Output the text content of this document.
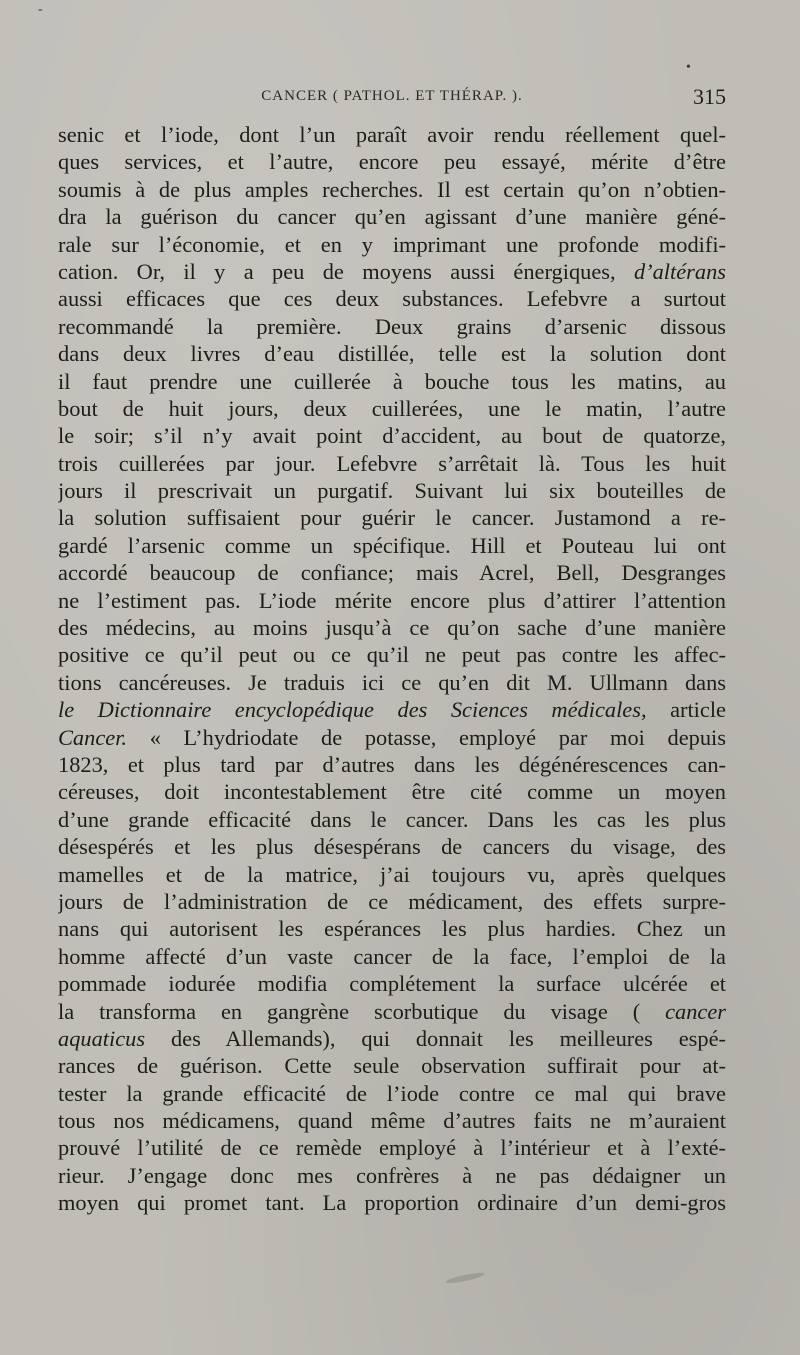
-
•
CANCER ( PATHOL. ET THÉRAP. ).	315
senic et l’iode, dont l’un paraît avoir rendu réellement quel-
ques services, et l’autre, encore peu essayé, mérite d’être
soumis à de plus amples recherches. Il est certain qu’on n’obtien-
dra la guérison du cancer qu’en agissant d’une manière géné-
rale sur l’économie, et en y imprimant une profonde modifi-
cation. Or, il y a peu de moyens aussi énergiques, d’altérans
aussi efficaces que ces deux substances. Lefebvre a surtout
recommandé la première. Deux grains d’arsenic dissous
dans deux livres d’eau distillée, telle est la solution dont
il faut prendre une cuillerée à bouche tous les matins, au
bout de huit jours, deux cuillerées, une le matin, l’autre
le soir; s’il n’y avait point d’accident, au bout de quatorze,
trois cuillerées par jour. Lefebvre s’arrêtait là. Tous les huit
jours il prescrivait un purgatif. Suivant lui six bouteilles de
la solution suffisaient pour guérir le cancer. Justamond a re-
gardé l’arsenic comme un spécifique. Hill et Pouteau lui ont
accordé beaucoup de confiance; mais Acrel, Bell, Desgranges
ne l’estiment pas. L’iode mérite encore plus d’attirer l’attention
des médecins, au moins jusqu’à ce qu’on sache d’une manière
positive ce qu’il peut ou ce qu’il ne peut pas contre les affec-
tions cancéreuses. Je traduis ici ce qu’en dit M. Ullmann dans
le Dictionnaire encyclopédique des Sciences médicales, article
Cancer. « L’hydriodate de potasse, employé par moi depuis
1823, et plus tard par d’autres dans les dégénérescences can-
céreuses, doit incontestablement être cité comme un moyen
d’une grande efficacité dans le cancer. Dans les cas les plus
désespérés et les plus désespérans de cancers du visage, des
mamelles et de la matrice, j’ai toujours vu, après quelques
jours de l’administration de ce médicament, des effets surpre-
nans qui autorisent les espérances les plus hardies. Chez un
homme affecté d’un vaste cancer de la face, l’emploi de la
pommade iodurée modifia complétement la surface ulcérée et
la transforma en gangrène scorbutique du visage ( cancer
aquaticus des Allemands), qui donnait les meilleures espé-
rances de guérison. Cette seule observation suffirait pour at-
tester la grande efficacité de l’iode contre ce mal qui brave
tous nos médicamens, quand même d’autres faits ne m’auraient
prouvé l’utilité de ce remède employé à l’intérieur et à l’exté-
rieur. J’engage donc mes confrères à ne pas dédaigner un
moyen qui promet tant. La proportion ordinaire d’un demi-gros
